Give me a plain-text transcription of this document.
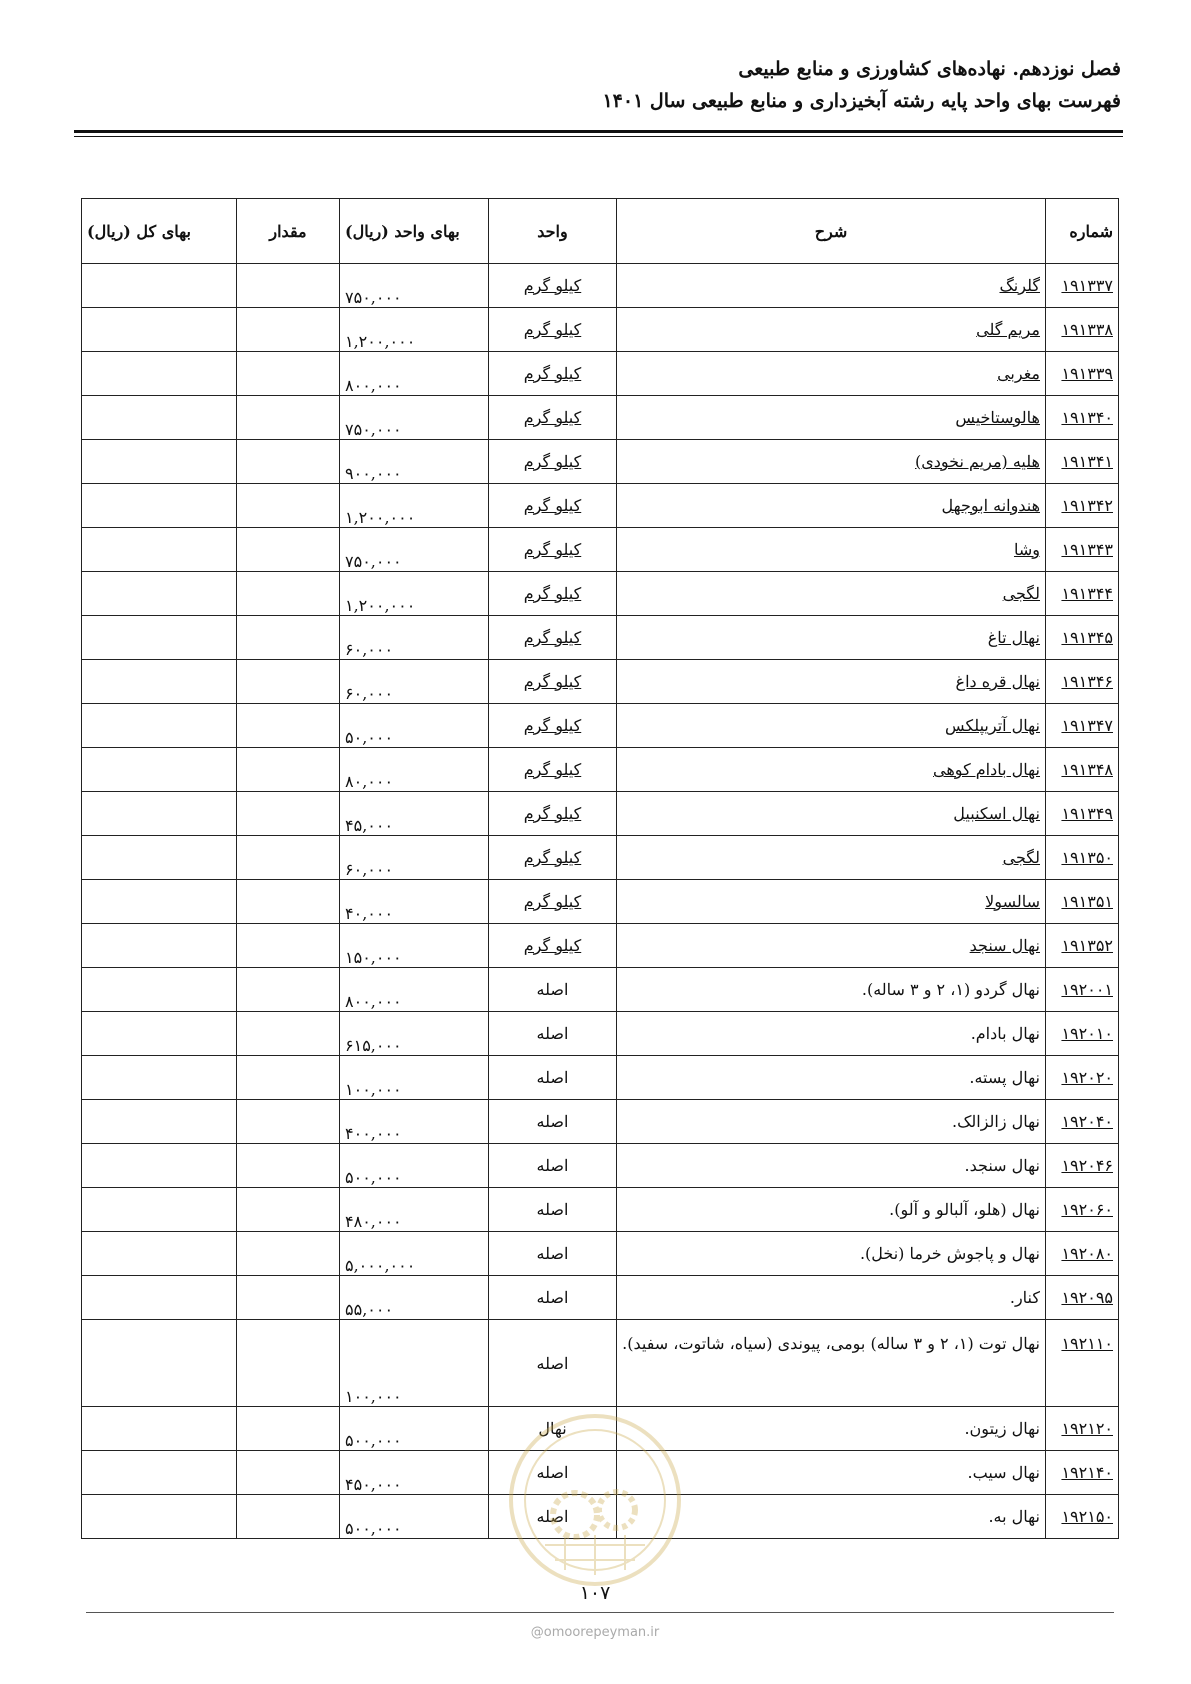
فصل نوزدهم. نهاده‌های کشاورزی و منابع طبیعی
فهرست بهای واحد پایه رشته آبخیزداری و منابع طبیعی سال ۱۴۰۱
شماره	شرح	واحد	بهای واحد (ریال)	مقدار	بهای کل (ریال)
۱۹۱۳۳۷	گلرنگ	کیلو گرم	۷۵۰,۰۰۰		
۱۹۱۳۳۸	مریم گلی	کیلو گرم	۱,۲۰۰,۰۰۰		
۱۹۱۳۳۹	مغربی	کیلو گرم	۸۰۰,۰۰۰		
۱۹۱۳۴۰	هالوستاخیس	کیلو گرم	۷۵۰,۰۰۰		
۱۹۱۳۴۱	هلیه (مریم نخودی)	کیلو گرم	۹۰۰,۰۰۰		
۱۹۱۳۴۲	هندوانه ابوجهل	کیلو گرم	۱,۲۰۰,۰۰۰		
۱۹۱۳۴۳	وشا	کیلو گرم	۷۵۰,۰۰۰		
۱۹۱۳۴۴	لگجی	کیلو گرم	۱,۲۰۰,۰۰۰		
۱۹۱۳۴۵	نهال تاغ	کیلو گرم	۶۰,۰۰۰		
۱۹۱۳۴۶	نهال قره داغ	کیلو گرم	۶۰,۰۰۰		
۱۹۱۳۴۷	نهال آتریپلکس	کیلو گرم	۵۰,۰۰۰		
۱۹۱۳۴۸	نهال بادام کوهی	کیلو گرم	۸۰,۰۰۰		
۱۹۱۳۴۹	نهال اسکنبیل	کیلو گرم	۴۵,۰۰۰		
۱۹۱۳۵۰	لگجی	کیلو گرم	۶۰,۰۰۰		
۱۹۱۳۵۱	سالسولا	کیلو گرم	۴۰,۰۰۰		
۱۹۱۳۵۲	نهال سنجد	کیلو گرم	۱۵۰,۰۰۰		
۱۹۲۰۰۱	نهال گردو (۱، ۲ و ۳ ساله).	اصله	۸۰۰,۰۰۰		
۱۹۲۰۱۰	نهال بادام.	اصله	۶۱۵,۰۰۰		
۱۹۲۰۲۰	نهال پسته.	اصله	۱۰۰,۰۰۰		
۱۹۲۰۴۰	نهال زالزالک.	اصله	۴۰۰,۰۰۰		
۱۹۲۰۴۶	نهال سنجد.	اصله	۵۰۰,۰۰۰		
۱۹۲۰۶۰	نهال (هلو، آلبالو و آلو).	اصله	۴۸۰,۰۰۰		
۱۹۲۰۸۰	نهال و پاجوش خرما (نخل).	اصله	۵,۰۰۰,۰۰۰		
۱۹۲۰۹۵	کنار.	اصله	۵۵,۰۰۰		
۱۹۲۱۱۰	نهال توت (۱، ۲ و ۳ ساله) بومی، پیوندی (سیاه، شاتوت، سفید).	اصله	۱۰۰,۰۰۰		
۱۹۲۱۲۰	نهال زیتون.	نهال	۵۰۰,۰۰۰		
۱۹۲۱۴۰	نهال سیب.	اصله	۴۵۰,۰۰۰		
۱۹۲۱۵۰	نهال به.	اصله	۵۰۰,۰۰۰		
۱۰۷
@omoorepeyman.ir
